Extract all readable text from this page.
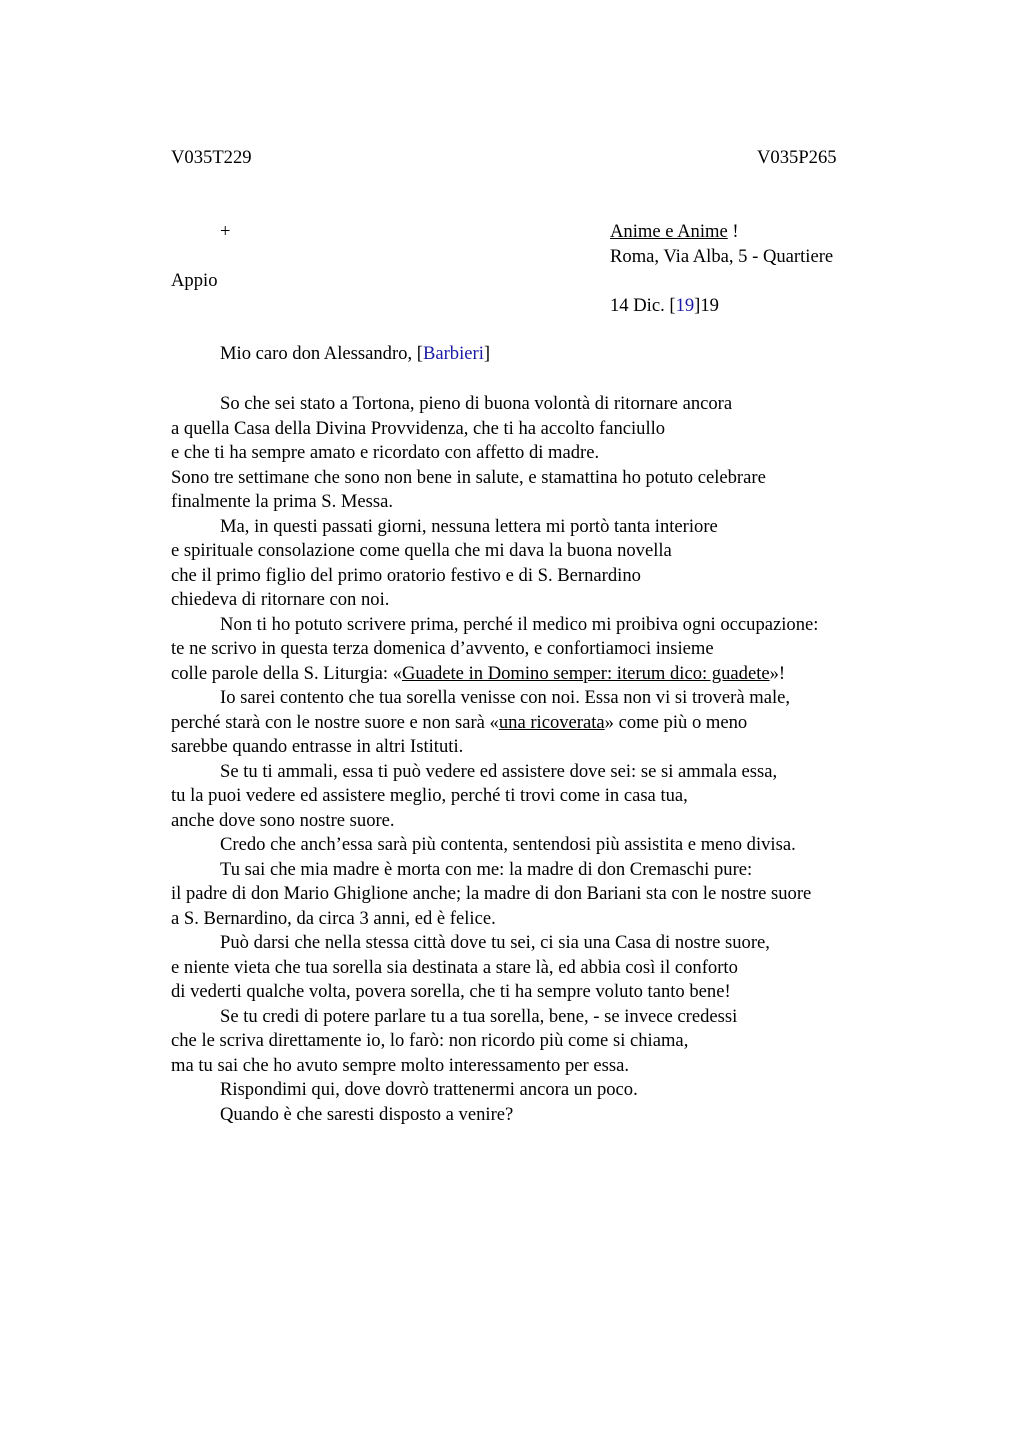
V035T229	V035P265
+	Anime e Anime !
Roma, Via Alba, 5 - Quartiere
Appio
14 Dic. [19]19
Mio caro don Alessandro, [Barbieri]
So che sei stato a Tortona, pieno di buona volontà di ritornare ancora
a quella Casa della Divina Provvidenza, che ti ha accolto fanciullo
e che ti ha sempre amato e ricordato con affetto di madre.
Sono tre settimane che sono non bene in salute, e stamattina ho potuto celebrare
finalmente la prima S. Messa.
Ma, in questi passati giorni, nessuna lettera mi portò tanta interiore
e spirituale consolazione come quella che mi dava la buona novella
che il primo figlio del primo oratorio festivo e di S. Bernardino
chiedeva di ritornare con noi.
Non ti ho potuto scrivere prima, perché il medico mi proibiva ogni occupazione:
te ne scrivo in questa terza domenica d’avvento, e confortiamoci insieme
colle parole della S. Liturgia: «Guadete in Domino semper: iterum dico: guadete»!
Io sarei contento che tua sorella venisse con noi. Essa non vi si troverà male,
perché starà con le nostre suore e non sarà «una ricoverata» come più o meno
sarebbe quando entrasse in altri Istituti.
Se tu ti ammali, essa ti può vedere ed assistere dove sei: se si ammala essa,
tu la puoi vedere ed assistere meglio, perché ti trovi come in casa tua,
anche dove sono nostre suore.
Credo che anch’essa sarà più contenta, sentendosi più assistita e meno divisa.
Tu sai che mia madre è morta con me: la madre di don Cremaschi pure:
il padre di don Mario Ghiglione anche; la madre di don Bariani sta con le nostre suore
a S. Bernardino, da circa 3 anni, ed è felice.
Può darsi che nella stessa città dove tu sei, ci sia una Casa di nostre suore,
e niente vieta che tua sorella sia destinata a stare là, ed abbia così il conforto
di vederti qualche volta, povera sorella, che ti ha sempre voluto tanto bene!
Se tu credi di potere parlare tu a tua sorella, bene, - se invece credessi
che le scriva direttamente io, lo farò: non ricordo più come si chiama,
ma tu sai che ho avuto sempre molto interessamento per essa.
Rispondimi qui, dove dovrò trattenermi ancora un poco.
Quando è che saresti disposto a venire?
